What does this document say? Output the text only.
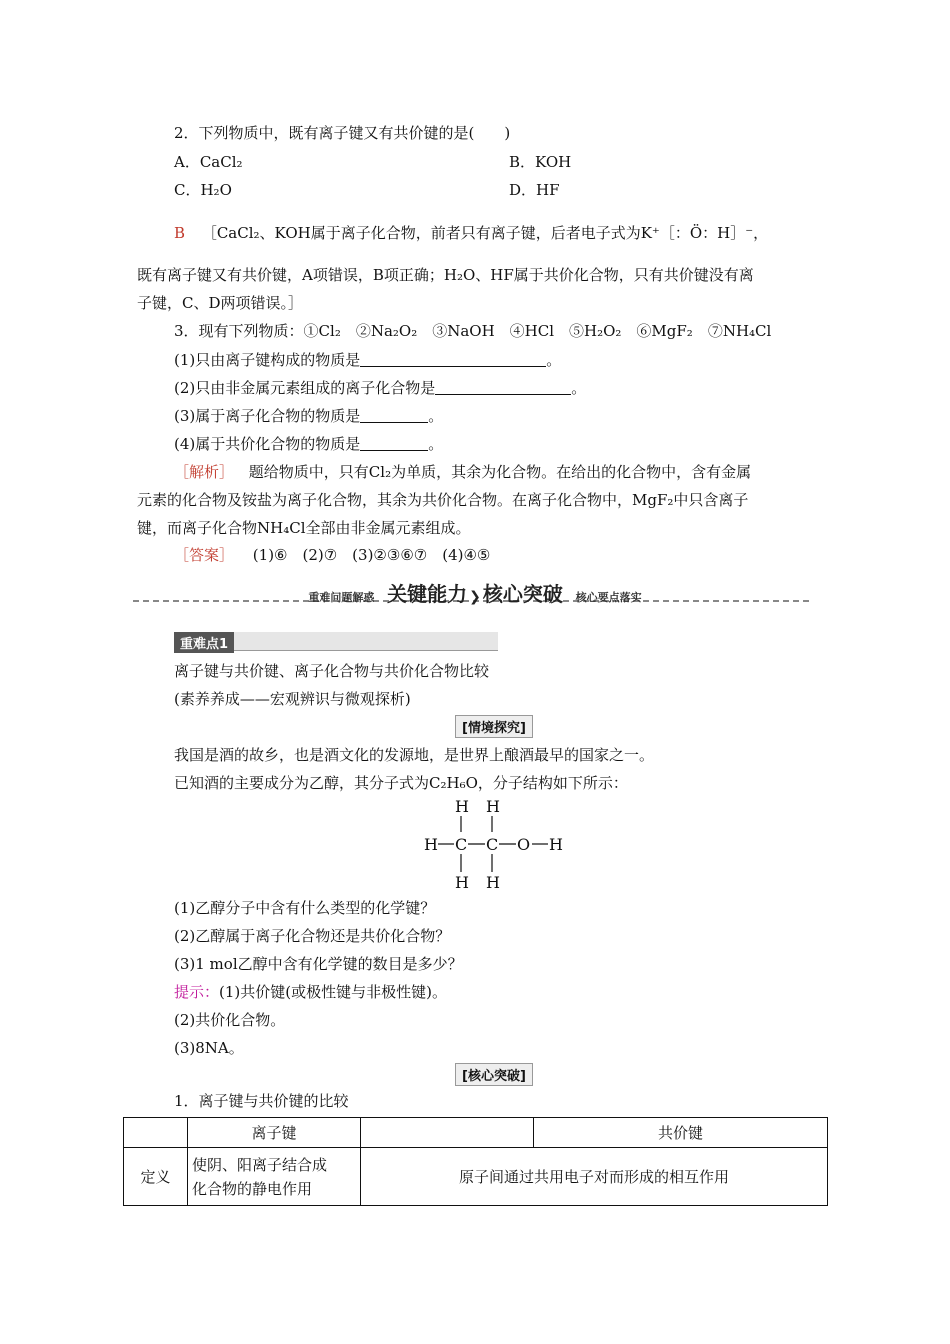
2．下列物质中，既有离子键又有共价键的是(　　)
A．CaCl₂	B．KOH
C．H₂O	D．HF
B ［CaCl₂、KOH属于离子化合物，前者只有离子键，后者电子式为K⁺［：Ö：H］⁻，
既有离子键又有共价键，A项错误，B项正确；H₂O、HF属于共价化合物，只有共价键没有离
子键，C、D两项错误。］
3．现有下列物质：①Cl₂　②Na₂O₂　③NaOH　④HCl　⑤H₂O₂　⑥MgF₂　⑦NH₄Cl
(1)只由离子键构成的物质是	。
(2)只由非金属元素组成的离子化合物是	。
(3)属于离子化合物的物质是	。
(4)属于共价化合物的物质是	。
［解析］ 题给物质中，只有Cl₂为单质，其余为化合物。在给出的化合物中，含有金属
元素的化合物及铵盐为离子化合物，其余为共价化合物。在离子化合物中，MgF₂中只含离子
键，而离子化合物NH₄Cl全部由非金属元素组成。
［答案］ (1)⑥　(2)⑦　(3)②③⑥⑦　(4)④⑤
重难问题解惑 关键能力 ❯ 核心突破 核心要点落实
重难点1
离子键与共价键、离子化合物与共价化合物比较
(素养养成——宏观辨识与微观探析)
[情境探究]
我国是酒的故乡，也是酒文化的发源地，是世界上酿酒最早的国家之一。
已知酒的主要成分为乙醇，其分子式为C₂H₆O，分子结构如下所示：
H H
H C C O H
H H
(1)乙醇分子中含有什么类型的化学键？
(2)乙醇属于离子化合物还是共价化合物？
(3)1 mol乙醇中含有化学键的数目是多少？
提示：(1)共价键(或极性键与非极性键)。
(2)共价化合物。
(3)8NA。
[核心突破]
1．离子键与共价键的比较
	离子键		共价键
定义	使阴、阳离子结合成
化合物的静电作用	原子间通过共用电子对而形成的相互作用	
